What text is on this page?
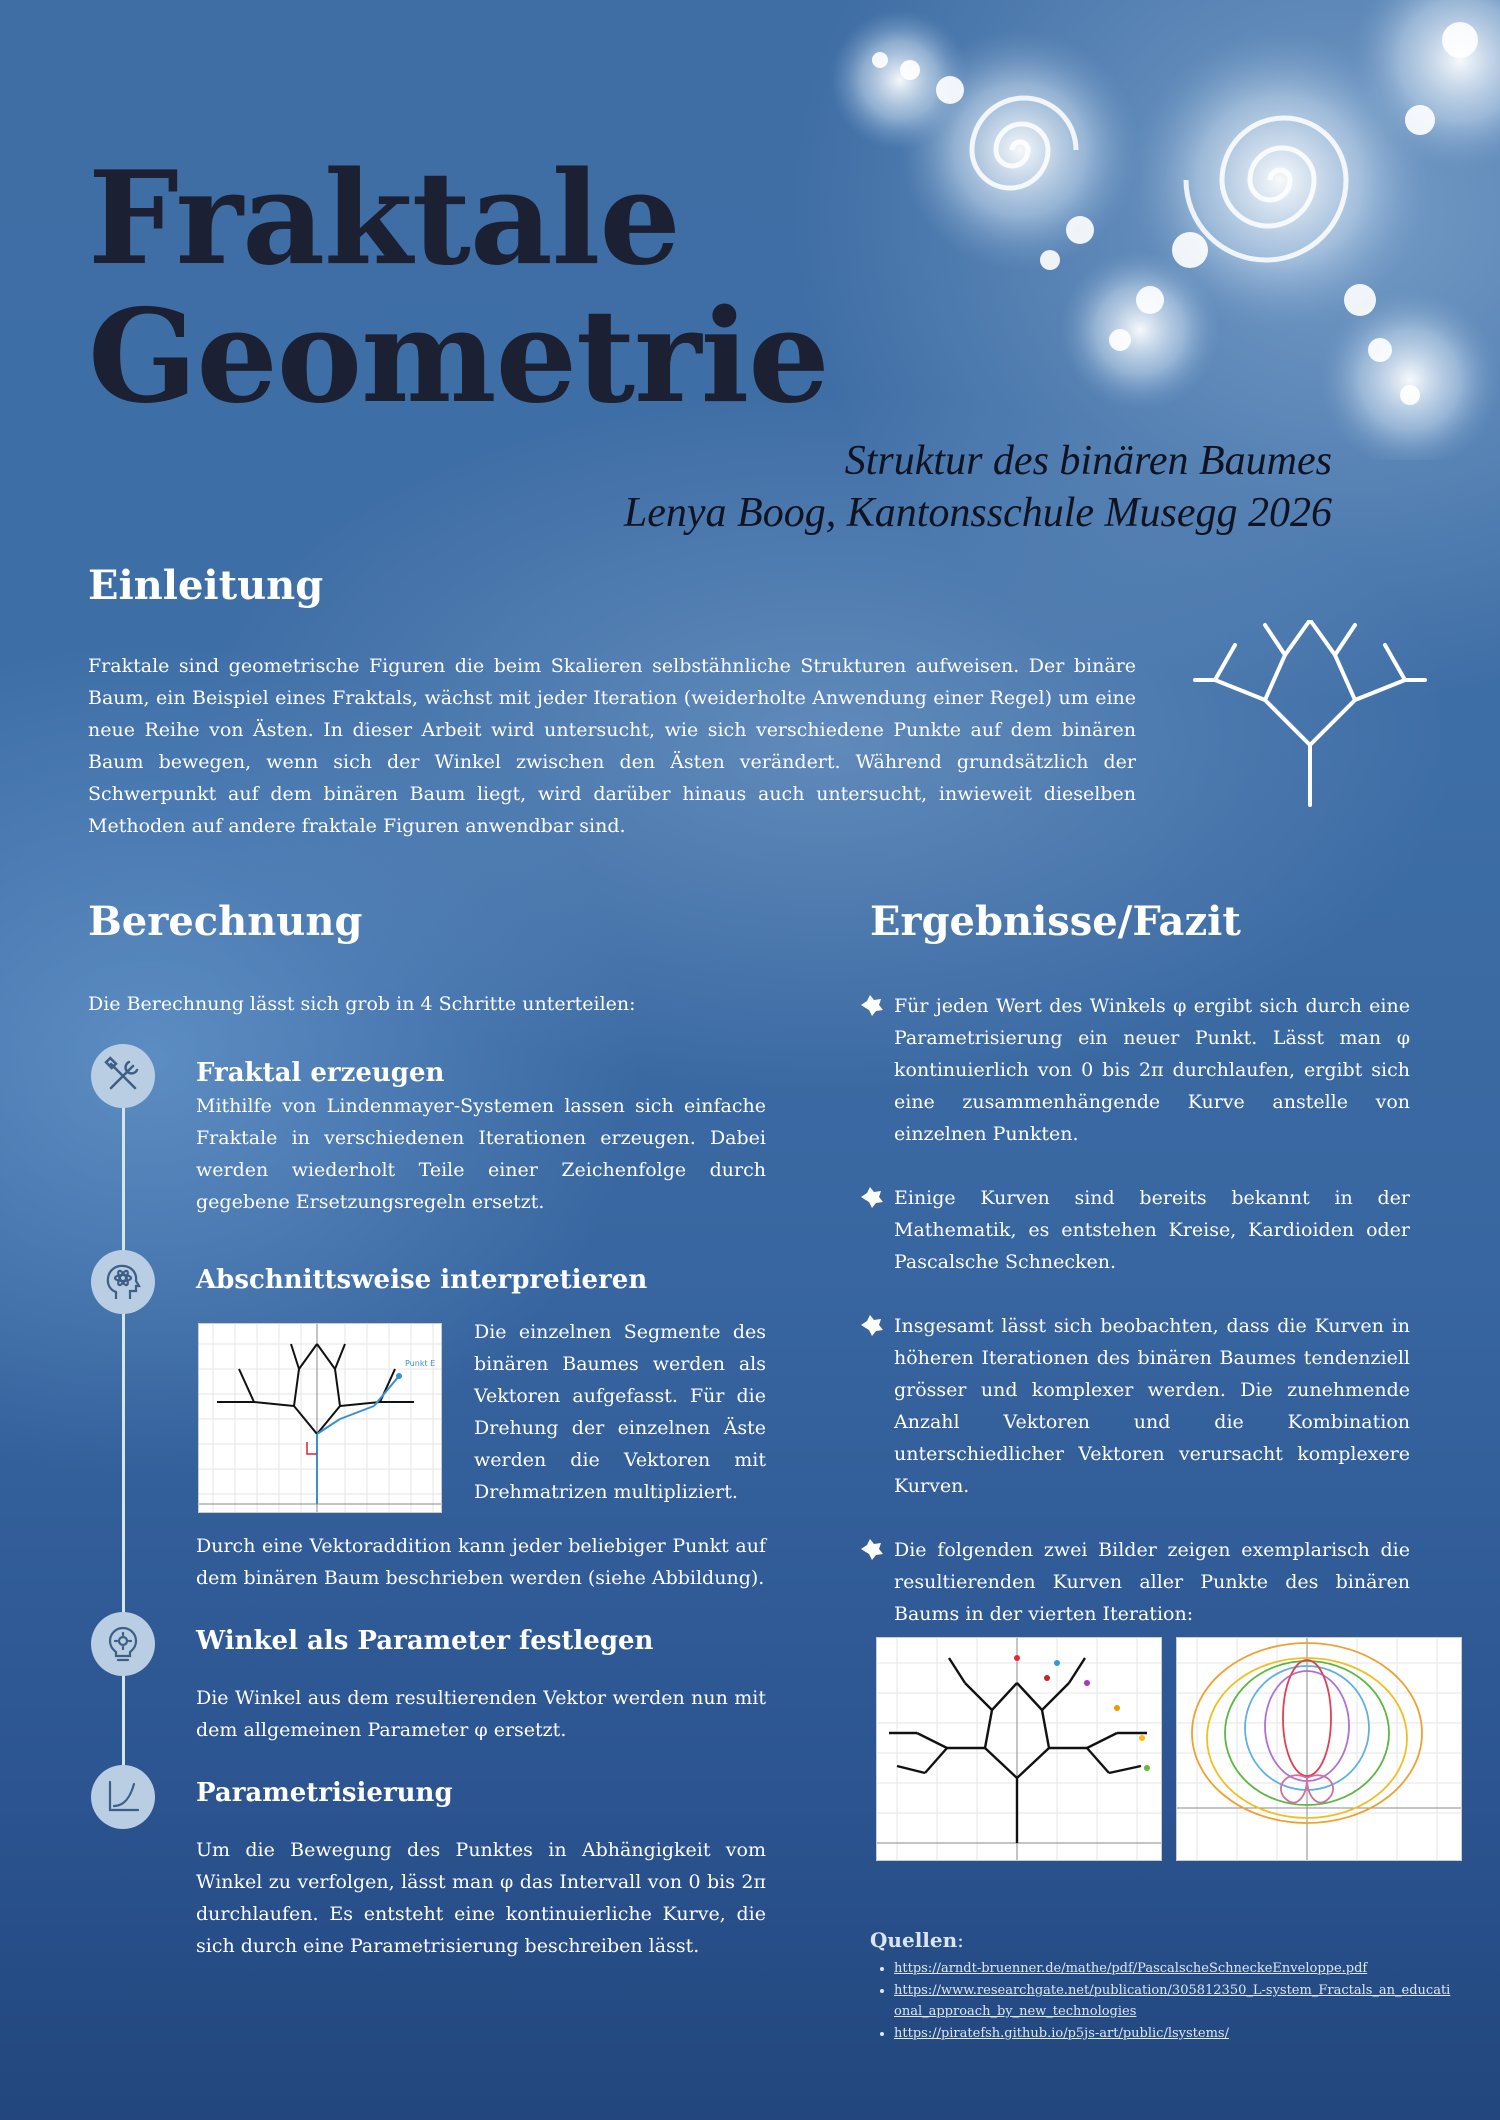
Fraktale
Geometrie
Struktur des binären Baumes
Lenya Boog, Kantonsschule Musegg 2026
Einleitung

Fraktale sind geometrische Figuren die beim Skalieren selbstähnliche Strukturen aufweisen. Der binäre Baum, ein Beispiel eines Fraktals, wächst mit jeder Iteration (weiderholte Anwendung einer Regel) um eine neue Reihe von Ästen. In dieser Arbeit wird untersucht, wie sich verschiedene Punkte auf dem binären Baum bewegen, wenn sich der Winkel zwischen den Ästen verändert. Während grundsätzlich der Schwerpunkt auf dem binären Baum liegt, wird darüber hinaus auch untersucht, inwieweit dieselben Methoden auf andere fraktale Figuren anwendbar sind.

Berechnung
Die Berechnung lässt sich grob in 4 Schritte unterteilen:
Fraktal erzeugen

Mithilfe von Lindenmayer-Systemen lassen sich einfache Fraktale in verschiedenen Iterationen erzeugen. Dabei werden wiederholt Teile einer Zeichenfolge durch gegebene Ersetzungsregeln ersetzt.

Abschnittsweise interpretieren
Punkt E

Die einzelnen Segmente des binären Baumes werden als Vektoren aufgefasst. Für die Drehung der einzelnen Äste werden die Vektoren mit Drehmatrizen multipliziert.

Durch eine Vektoraddition kann jeder beliebiger Punkt auf dem binären Baum beschrieben werden (siehe Abbildung).

Winkel als Parameter festlegen

Die Winkel aus dem resultierenden Vektor werden nun mit dem allgemeinen Parameter φ ersetzt.

Parametrisierung

Um die Bewegung des Punktes in Abhängigkeit vom Winkel zu verfolgen, lässt man φ das Intervall von 0 bis 2π durchlaufen. Es entsteht eine kontinuierliche Kurve, die sich durch eine Parametrisierung beschreiben lässt.

Ergebnisse/Fazit
Für jeden Wert des Winkels φ ergibt sich durch eine Parametrisierung ein neuer Punkt. Lässt man φ kontinuierlich von 0 bis 2π durchlaufen, ergibt sich eine zusammenhängende Kurve anstelle von einzelnen Punkten.
Einige Kurven sind bereits bekannt in der Mathematik, es entstehen Kreise, Kardioiden oder Pascalsche Schnecken.
Insgesamt lässt sich beobachten, dass die Kurven in höheren Iterationen des binären Baumes tendenziell grösser und komplexer werden. Die zunehmende Anzahl Vektoren und die Kombination unterschiedlicher Vektoren verursacht komplexere Kurven.
Die folgenden zwei Bilder zeigen exemplarisch die resultierenden Kurven aller Punkte des binären Baums in der vierten Iteration:
Quellen:
• https://arndt-bruenner.de/mathe/pdf/PascalscheSchneckeEnveloppe.pdf
• https://www.researchgate.net/publication/305812350_L-system_Fractals_an_educational_approach_by_new_technologies
• https://piratefsh.github.io/p5js-art/public/lsystems/
